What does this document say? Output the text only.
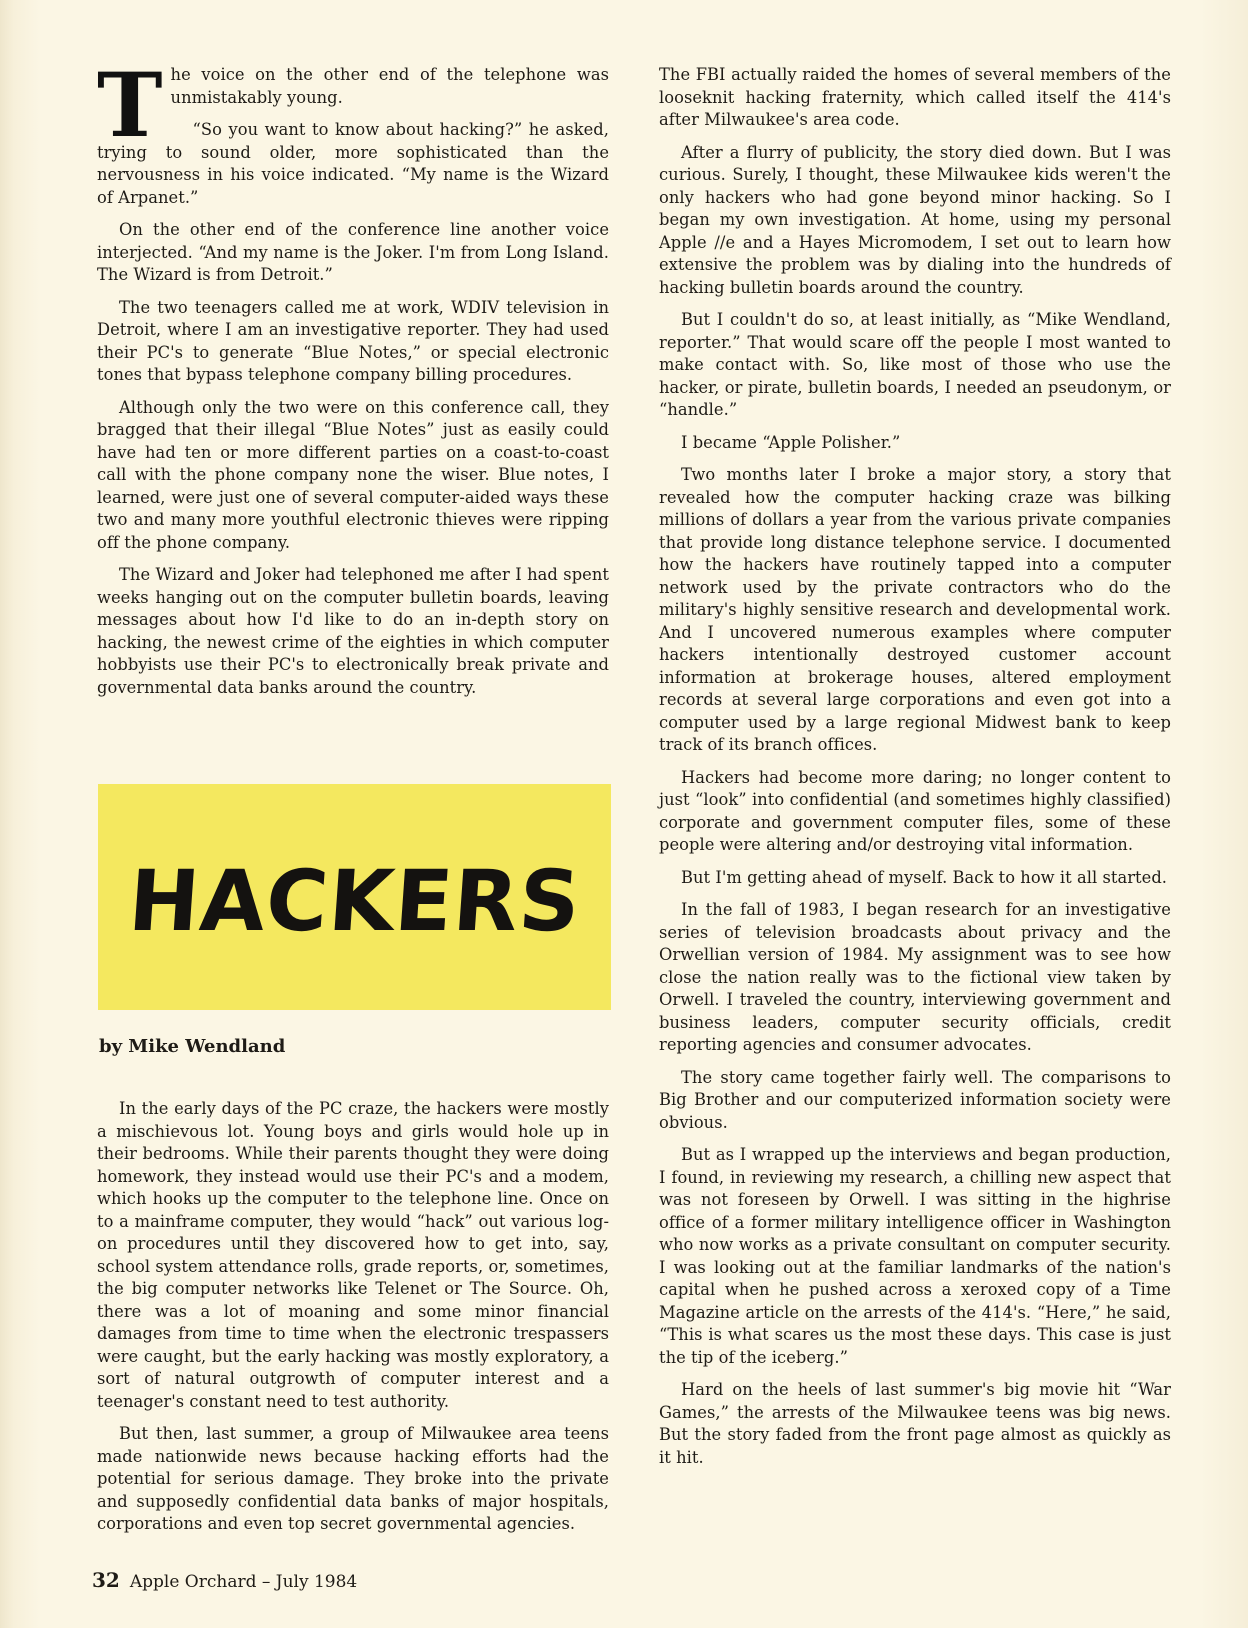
The voice on the other end of the telephone was unmistakably young.

“So you want to know about hacking?” he asked, trying to sound older, more sophisticated than the nervousness in his voice indicated. “My name is the Wizard of Arpanet.”

On the other end of the conference line another voice interjected. “And my name is the Joker. I'm from Long Island. The Wizard is from Detroit.”

The two teenagers called me at work, WDIV television in Detroit, where I am an investigative reporter. They had used their PC's to generate “Blue Notes,” or special electronic tones that bypass telephone company billing procedures.

Although only the two were on this conference call, they bragged that their illegal “Blue Notes” just as easily could have had ten or more different parties on a coast-to-coast call with the phone company none the wiser. Blue notes, I learned, were just one of several computer-aided ways these two and many more youthful electronic thieves were ripping off the phone company.

The Wizard and Joker had telephoned me after I had spent weeks hanging out on the computer bulletin boards, leaving messages about how I'd like to do an in-depth story on hacking, the newest crime of the eighties in which computer hobbyists use their PC's to electronically break private and governmental data banks around the country.

HACKERS
by Mike Wendland

In the early days of the PC craze, the hackers were mostly a mischievous lot. Young boys and girls would hole up in their bedrooms. While their parents thought they were doing homework, they instead would use their PC's and a modem, which hooks up the computer to the telephone line. Once on to a mainframe computer, they would “hack” out various log-on procedures until they discovered how to get into, say, school system attendance rolls, grade reports, or, sometimes, the big computer networks like Telenet or The Source. Oh, there was a lot of moaning and some minor financial damages from time to time when the electronic trespassers were caught, but the early hacking was mostly exploratory, a sort of natural outgrowth of computer interest and a teenager's constant need to test authority.

But then, last summer, a group of Milwaukee area teens made nationwide news because hacking efforts had the potential for serious damage. They broke into the private and supposedly confidential data banks of major hospitals, corporations and even top secret governmental agencies.

The FBI actually raided the homes of several members of the looseknit hacking fraternity, which called itself the 414's after Milwaukee's area code.

After a flurry of publicity, the story died down. But I was curious. Surely, I thought, these Milwaukee kids weren't the only hackers who had gone beyond minor hacking. So I began my own investigation. At home, using my personal Apple //e and a Hayes Micromodem, I set out to learn how extensive the problem was by dialing into the hundreds of hacking bulletin boards around the country.

But I couldn't do so, at least initially, as “Mike Wendland, reporter.” That would scare off the people I most wanted to make contact with. So, like most of those who use the hacker, or pirate, bulletin boards, I needed an pseudonym, or “handle.”

I became “Apple Polisher.”

Two months later I broke a major story, a story that revealed how the computer hacking craze was bilking millions of dollars a year from the various private companies that provide long distance telephone service. I documented how the hackers have routinely tapped into a computer network used by the private contractors who do the military's highly sensitive research and developmental work. And I uncovered numerous examples where computer hackers intentionally destroyed customer account information at brokerage houses, altered employment records at several large corporations and even got into a computer used by a large regional Midwest bank to keep track of its branch offices.

Hackers had become more daring; no longer content to just “look” into confidential (and sometimes highly classified) corporate and government computer files, some of these people were altering and/or destroying vital information.

But I'm getting ahead of myself. Back to how it all started.

In the fall of 1983, I began research for an investigative series of television broadcasts about privacy and the Orwellian version of 1984. My assignment was to see how close the nation really was to the fictional view taken by Orwell. I traveled the country, interviewing government and business leaders, computer security officials, credit reporting agencies and consumer advocates.

The story came together fairly well. The comparisons to Big Brother and our computerized information society were obvious.

But as I wrapped up the interviews and began production, I found, in reviewing my research, a chilling new aspect that was not foreseen by Orwell. I was sitting in the highrise office of a former military intelligence officer in Washington who now works as a private consultant on computer security. I was looking out at the familiar landmarks of the nation's capital when he pushed across a xeroxed copy of a Time Magazine article on the arrests of the 414's. “Here,” he said, “This is what scares us the most these days. This case is just the tip of the iceberg.”

Hard on the heels of last summer's big movie hit “War Games,” the arrests of the Milwaukee teens was big news. But the story faded from the front page almost as quickly as it hit.

32 Apple Orchard – July 1984
